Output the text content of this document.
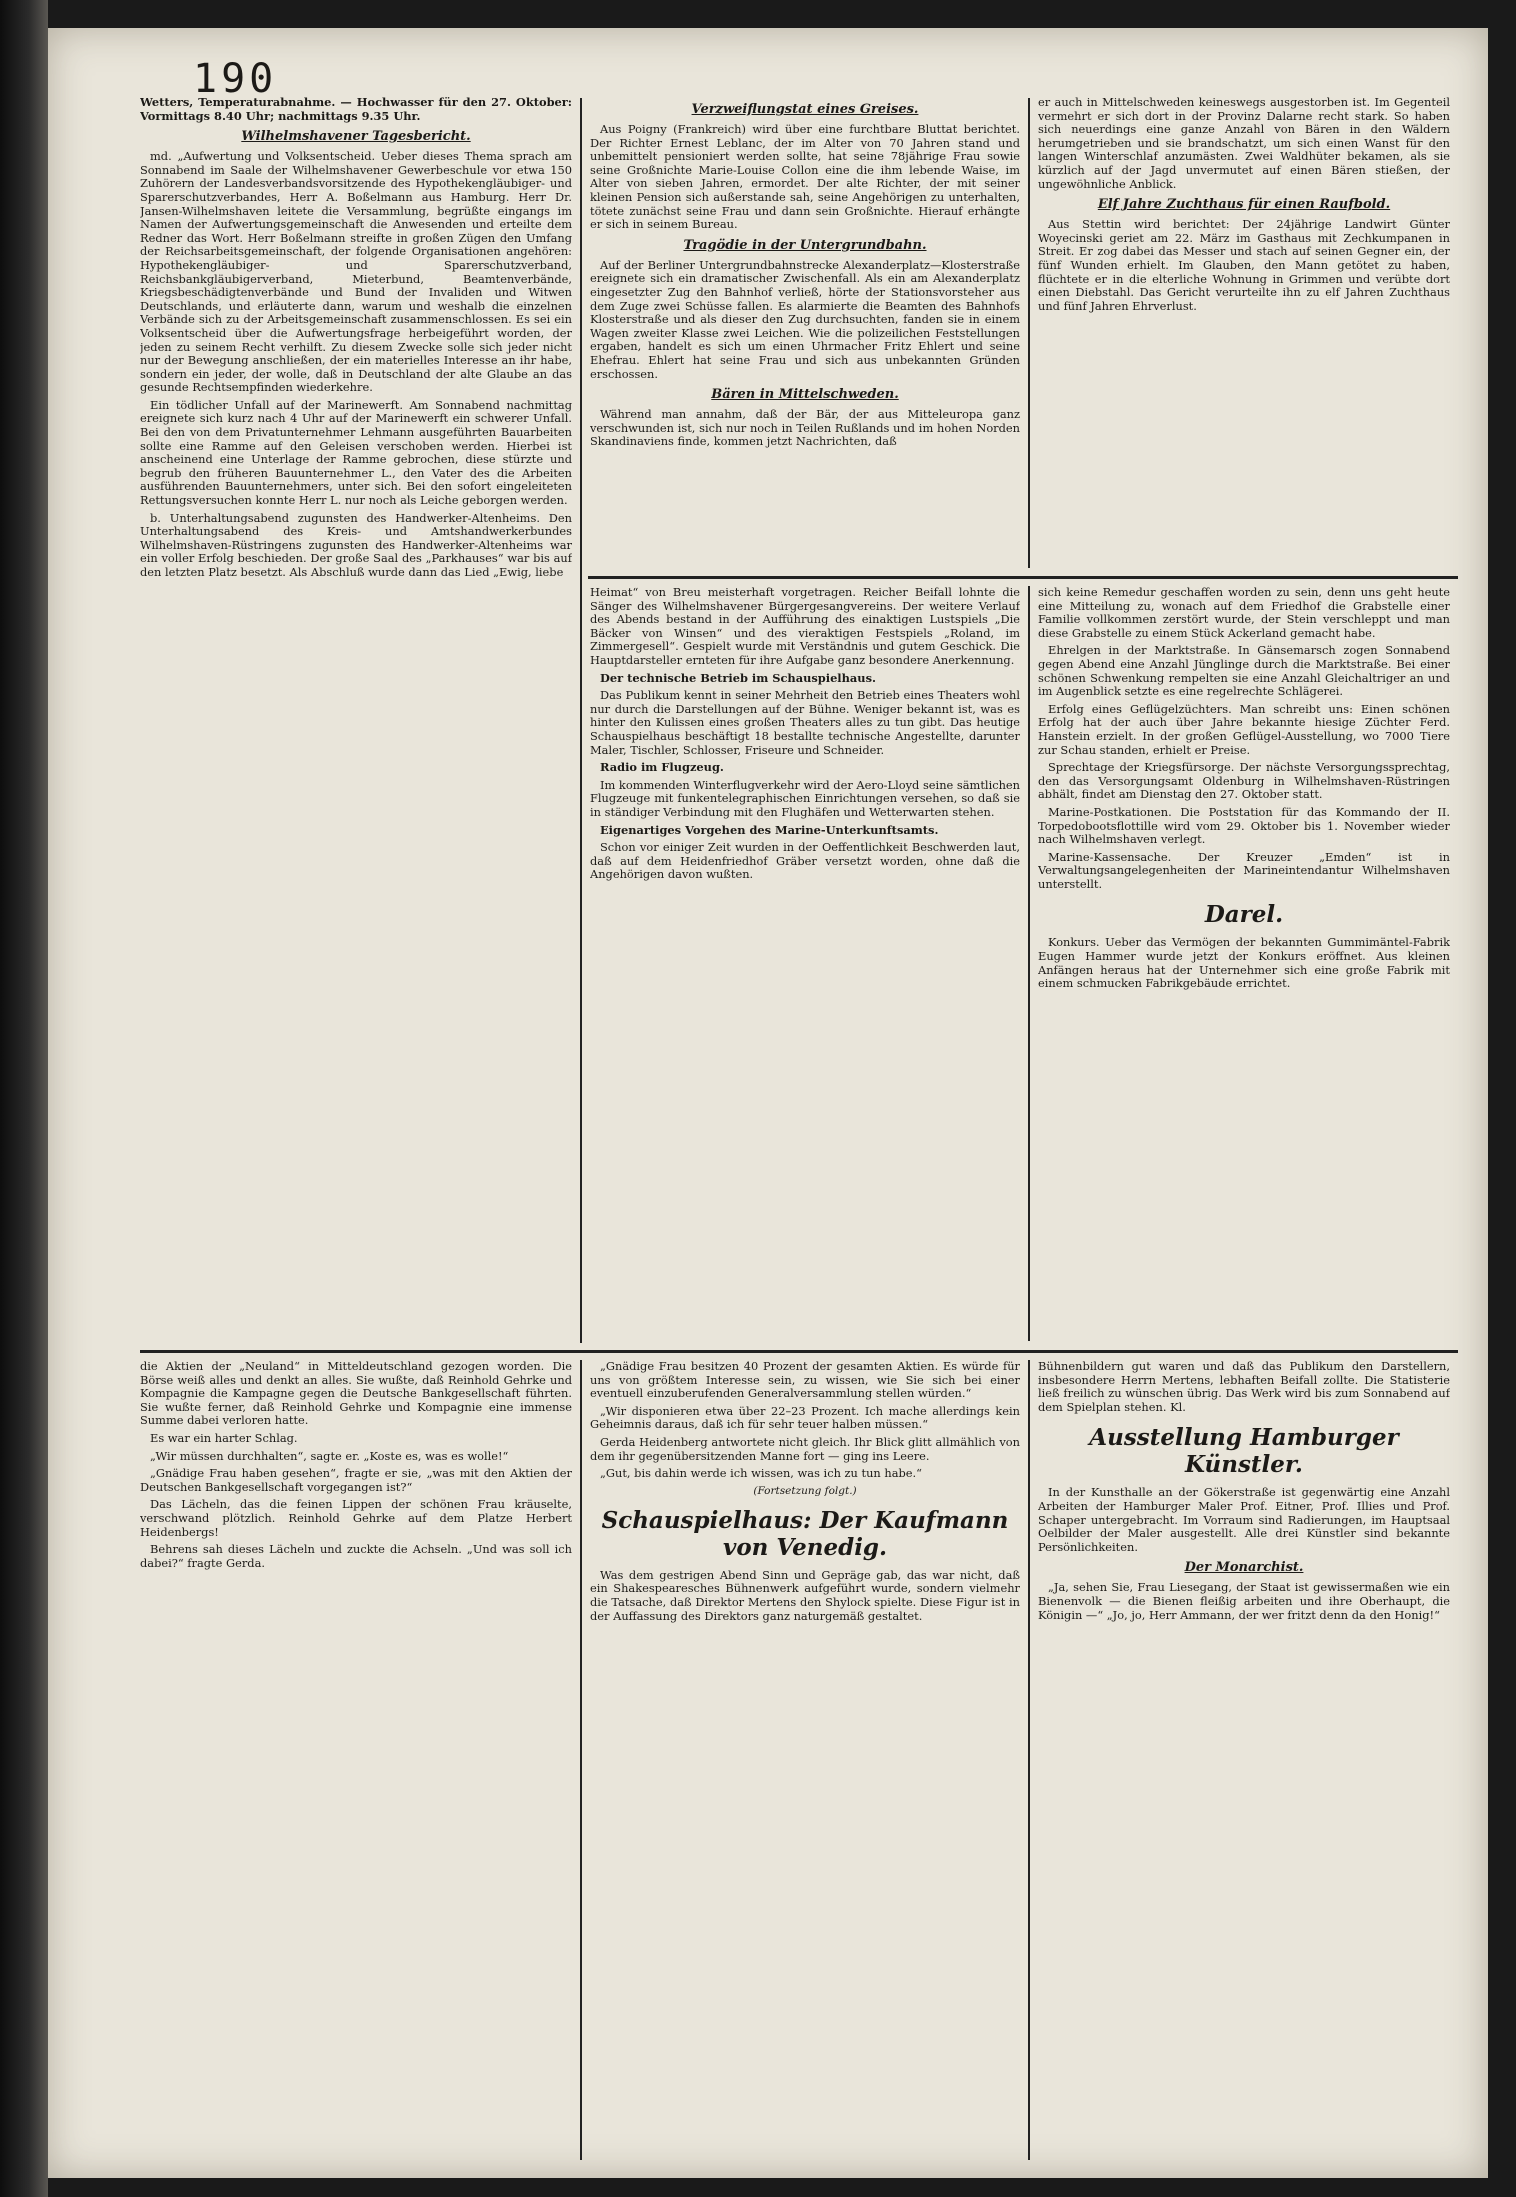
190

Wetters, Temperaturabnahme. — Hochwasser für den 27. Oktober: Vormittags 8.40 Uhr; nachmittags 9.35 Uhr.

Wilhelmshavener Tagesbericht.

md. „Aufwertung und Volksentscheid. Ueber dieses Thema sprach am Sonnabend im Saale der Wilhelmshavener Gewerbeschule vor etwa 150 Zuhörern der Landesverbandsvorsitzende des Hypothekengläubiger- und Sparerschutzverbandes, Herr A. Boßelmann aus Hamburg. Herr Dr. Jansen-Wilhelmshaven leitete die Versammlung, begrüßte eingangs im Namen der Aufwertungsgemeinschaft die Anwesenden und erteilte dem Redner das Wort. Herr Boßelmann streifte in großen Zügen den Umfang der Reichsarbeitsgemeinschaft, der folgende Organisationen angehören: Hypothekengläubiger- und Sparerschutzverband, Reichsbankgläubigerverband, Mieterbund, Beamtenverbände, Kriegsbeschädigtenverbände und Bund der Invaliden und Witwen Deutschlands, und erläuterte dann, warum und weshalb die einzelnen Verbände sich zu der Arbeitsgemeinschaft zusammenschlossen. Es sei ein Volksentscheid über die Aufwertungsfrage herbeigeführt worden, der jeden zu seinem Recht verhilft. Zu diesem Zwecke solle sich jeder nicht nur der Bewegung anschließen, der ein materielles Interesse an ihr habe, sondern ein jeder, der wolle, daß in Deutschland der alte Glaube an das gesunde Rechtsempfinden wiederkehre.

Ein tödlicher Unfall auf der Marinewerft. Am Sonnabend nachmittag ereignete sich kurz nach 4 Uhr auf der Marinewerft ein schwerer Unfall. Bei den von dem Privatunternehmer Lehmann ausgeführten Bauarbeiten sollte eine Ramme auf den Geleisen verschoben werden. Hierbei ist anscheinend eine Unterlage der Ramme gebrochen, diese stürzte und begrub den früheren Bauunternehmer L., den Vater des die Arbeiten ausführenden Bauunternehmers, unter sich. Bei den sofort eingeleiteten Rettungsversuchen konnte Herr L. nur noch als Leiche geborgen werden.

b. Unterhaltungsabend zugunsten des Handwerker-Altenheims. Den Unterhaltungsabend des Kreis- und Amtshandwerkerbundes Wilhelmshaven-Rüstringens zugunsten des Handwerker-Altenheims war ein voller Erfolg beschieden. Der große Saal des „Parkhauses“ war bis auf den letzten Platz besetzt. Als Abschluß wurde dann das Lied „Ewig, liebe

Verzweiflungstat eines Greises.

Aus Poigny (Frankreich) wird über eine furchtbare Bluttat berichtet. Der Richter Ernest Leblanc, der im Alter von 70 Jahren stand und unbemittelt pensioniert werden sollte, hat seine 78jährige Frau sowie seine Großnichte Marie-Louise Collon eine die ihm lebende Waise, im Alter von sieben Jahren, ermordet. Der alte Richter, der mit seiner kleinen Pension sich außerstande sah, seine Angehörigen zu unterhalten, tötete zunächst seine Frau und dann sein Großnichte. Hierauf erhängte er sich in seinem Bureau.

Tragödie in der Untergrundbahn.

Auf der Berliner Untergrundbahnstrecke Alexanderplatz—Klosterstraße ereignete sich ein dramatischer Zwischenfall. Als ein am Alexanderplatz eingesetzter Zug den Bahnhof verließ, hörte der Stationsvorsteher aus dem Zuge zwei Schüsse fallen. Es alarmierte die Beamten des Bahnhofs Klosterstraße und als dieser den Zug durchsuchten, fanden sie in einem Wagen zweiter Klasse zwei Leichen. Wie die polizeilichen Feststellungen ergaben, handelt es sich um einen Uhrmacher Fritz Ehlert und seine Ehefrau. Ehlert hat seine Frau und sich aus unbekannten Gründen erschossen.

Bären in Mittelschweden.

Während man annahm, daß der Bär, der aus Mitteleuropa ganz verschwunden ist, sich nur noch in Teilen Rußlands und im hohen Norden Skandinaviens finde, kommen jetzt Nachrichten, daß

er auch in Mittelschweden keineswegs ausgestorben ist. Im Gegenteil vermehrt er sich dort in der Provinz Dalarne recht stark. So haben sich neuerdings eine ganze Anzahl von Bären in den Wäldern herumgetrieben und sie brandschatzt, um sich einen Wanst für den langen Winterschlaf anzumästen. Zwei Waldhüter bekamen, als sie kürzlich auf der Jagd unvermutet auf einen Bären stießen, der ungewöhnliche Anblick.

Elf Jahre Zuchthaus für einen Raufbold.

Aus Stettin wird berichtet: Der 24jährige Landwirt Günter Woyecinski geriet am 22. März im Gasthaus mit Zechkumpanen in Streit. Er zog dabei das Messer und stach auf seinen Gegner ein, der fünf Wunden erhielt. Im Glauben, den Mann getötet zu haben, flüchtete er in die elterliche Wohnung in Grimmen und verübte dort einen Diebstahl. Das Gericht verurteilte ihn zu elf Jahren Zuchthaus und fünf Jahren Ehrverlust.

Heimat“ von Breu meisterhaft vorgetragen. Reicher Beifall lohnte die Sänger des Wilhelmshavener Bürgergesangvereins. Der weitere Verlauf des Abends bestand in der Aufführung des einaktigen Lustspiels „Die Bäcker von Winsen“ und des vieraktigen Festspiels „Roland, im Zimmergesell“. Gespielt wurde mit Verständnis und gutem Geschick. Die Hauptdarsteller ernteten für ihre Aufgabe ganz besondere Anerkennung.

Der technische Betrieb im Schauspielhaus.

Das Publikum kennt in seiner Mehrheit den Betrieb eines Theaters wohl nur durch die Darstellungen auf der Bühne. Weniger bekannt ist, was es hinter den Kulissen eines großen Theaters alles zu tun gibt. Das heutige Schauspielhaus beschäftigt 18 bestallte technische Angestellte, darunter Maler, Tischler, Schlosser, Friseure und Schneider.

Radio im Flugzeug.

Im kommenden Winterflugverkehr wird der Aero-Lloyd seine sämtlichen Flugzeuge mit funkentelegraphischen Einrichtungen versehen, so daß sie in ständiger Verbindung mit den Flughäfen und Wetterwarten stehen.

Eigenartiges Vorgehen des Marine-Unterkunftsamts.

Schon vor einiger Zeit wurden in der Oeffentlichkeit Beschwerden laut, daß auf dem Heidenfriedhof Gräber versetzt worden, ohne daß die Angehörigen davon wußten.

sich keine Remedur geschaffen worden zu sein, denn uns geht heute eine Mitteilung zu, wonach auf dem Friedhof die Grabstelle einer Familie vollkommen zerstört wurde, der Stein verschleppt und man diese Grabstelle zu einem Stück Ackerland gemacht habe.

Ehrelgen in der Marktstraße. In Gänsemarsch zogen Sonnabend gegen Abend eine Anzahl Jünglinge durch die Marktstraße. Bei einer schönen Schwenkung rempelten sie eine Anzahl Gleichaltriger an und im Augenblick setzte es eine regelrechte Schlägerei.

Erfolg eines Geflügelzüchters. Man schreibt uns: Einen schönen Erfolg hat der auch über Jahre bekannte hiesige Züchter Ferd. Hanstein erzielt. In der großen Geflügel-Ausstellung, wo 7000 Tiere zur Schau standen, erhielt er Preise.

Sprechtage der Kriegsfürsorge. Der nächste Versorgungssprechtag, den das Versorgungsamt Oldenburg in Wilhelmshaven-Rüstringen abhält, findet am Dienstag den 27. Oktober statt.

Marine-Postkationen. Die Poststation für das Kommando der II. Torpedobootsflottille wird vom 29. Oktober bis 1. November wieder nach Wilhelmshaven verlegt.

Marine-Kassensache. Der Kreuzer „Emden“ ist in Verwaltungsangelegenheiten der Marineintendantur Wilhelmshaven unterstellt.

Darel.

Konkurs. Ueber das Vermögen der bekannten Gummimäntel-Fabrik Eugen Hammer wurde jetzt der Konkurs eröffnet. Aus kleinen Anfängen heraus hat der Unternehmer sich eine große Fabrik mit einem schmucken Fabrikgebäude errichtet.

die Aktien der „Neuland“ in Mitteldeutschland gezogen worden. Die Börse weiß alles und denkt an alles. Sie wußte, daß Reinhold Gehrke und Kompagnie die Kampagne gegen die Deutsche Bankgesellschaft führten. Sie wußte ferner, daß Reinhold Gehrke und Kompagnie eine immense Summe dabei verloren hatte.

Es war ein harter Schlag.

„Wir müssen durchhalten“, sagte er. „Koste es, was es wolle!“

„Gnädige Frau haben gesehen“, fragte er sie, „was mit den Aktien der Deutschen Bankgesellschaft vorgegangen ist?“

Das Lächeln, das die feinen Lippen der schönen Frau kräuselte, verschwand plötzlich. Reinhold Gehrke auf dem Platze Herbert Heidenbergs!

Behrens sah dieses Lächeln und zuckte die Achseln. „Und was soll ich dabei?“ fragte Gerda.

„Gnädige Frau besitzen 40 Prozent der gesamten Aktien. Es würde für uns von größtem Interesse sein, zu wissen, wie Sie sich bei einer eventuell einzuberufenden Generalversammlung stellen würden.“

„Wir disponieren etwa über 22–23 Prozent. Ich mache allerdings kein Geheimnis daraus, daß ich für sehr teuer halben müssen.“

Gerda Heidenberg antwortete nicht gleich. Ihr Blick glitt allmählich von dem ihr gegenübersitzenden Manne fort — ging ins Leere.

„Gut, bis dahin werde ich wissen, was ich zu tun habe.“

(Fortsetzung folgt.)
Schauspielhaus: Der Kaufmann von Venedig.

Was dem gestrigen Abend Sinn und Gepräge gab, das war nicht, daß ein Shakespearesches Bühnenwerk aufgeführt wurde, sondern vielmehr die Tatsache, daß Direktor Mertens den Shylock spielte. Diese Figur ist in der Auffassung des Direktors ganz naturgemäß gestaltet.

Bühnenbildern gut waren und daß das Publikum den Darstellern, insbesondere Herrn Mertens, lebhaften Beifall zollte. Die Statisterie ließ freilich zu wünschen übrig. Das Werk wird bis zum Sonnabend auf dem Spielplan stehen. Kl.

Ausstellung Hamburger Künstler.

In der Kunsthalle an der Gökerstraße ist gegenwärtig eine Anzahl Arbeiten der Hamburger Maler Prof. Eitner, Prof. Illies und Prof. Schaper untergebracht. Im Vorraum sind Radierungen, im Hauptsaal Oelbilder der Maler ausgestellt. Alle drei Künstler sind bekannte Persönlichkeiten.

Der Monarchist.

„Ja, sehen Sie, Frau Liesegang, der Staat ist gewissermaßen wie ein Bienenvolk — die Bienen fleißig arbeiten und ihre Oberhaupt, die Königin —“ „Jo, jo, Herr Ammann, der wer fritzt denn da den Honig!“
